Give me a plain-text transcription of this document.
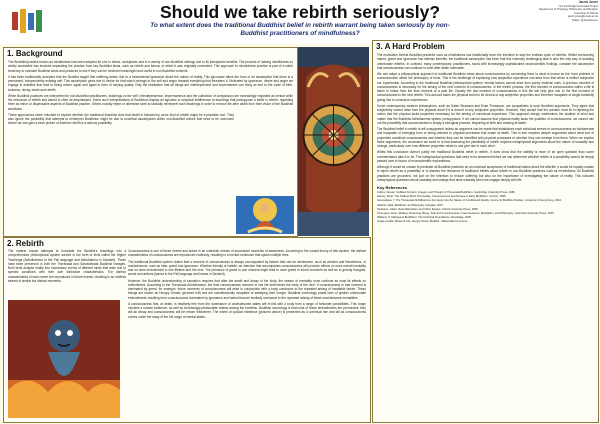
Should we take rebirth seriously?
To what extent does the traditional Buddhist belief in rebirth warrant being taken seriously by non-Buddhist practitioners of mindfulness?
Jacob Jones
Y13 Cambridge Extended Project
Department of Theology, Philosophy and Religion
University of Alberta
jacob.jones@email.ac.uk
Twitter: @JacobJones
1. Background

The Buddhist practice known as mindfulness has been adopted for use in clinics, workplaces and in a variety of non-Buddhist settings due to its therapeutic benefits. The process of making mindfulness so widely accessible has involved separating the practice from key Buddhist ideas, such as rebirth and karma, to which it was originally connected. This approach to mindfulness practice is part of a wider tendency to evaluate Buddhist ideas and practices to see if they can be rendered meaningful and useful in non-Buddhist contexts.

It has been traditionally accepted that the Buddha taught that suffering arises due to a fundamental ignorance about the nature of reality. This ignorance takes the form of an assumption that there is a permanent, independently existing self. This assumption gives rise to desire for that which belongs to the self and anger towards everything that threatens it. Motivated by ignorance, desire and anger we engage in activities that lead to being reborn again and again in lives of varying quality. Only the realisation that all things are interdependent and impermanent can bring an end to the cycle of birth, sickness, decay, death and rebirth.

When Buddhist practices are interpreted for non-Buddhist practitioners, teachings on the self, interdependence, impermanence and the cultivation of compassion are increasingly regarded as central while the relevance of rebirth and karma is often de-emphasised. Some such interpretations of Buddhism display an agnostic or sceptical indifference to teachings that presuppose a belief in rebirth, regarding them as minor or dispensable aspects of Buddhist practice. Others roundly reject or otherwise seek to radically reinterpret such teachings in order to remove life after death from their vision of the Buddhist worldview.

These approaches seem reluctant to explore whether the traditional Buddhist view that death is followed by some kind of rebirth might be a plausible one. They also ignore the possibility that attempts to reinterpret Buddhism might be due to uncritical assumptions within non-Buddhist culture that need to be overcome before we can gain a clear picture of whether rebirth is a serious possibility.

2. Rebirth

The earliest known attempts to formulate the Buddha's teachings into a comprehensive philosophical system survive in the form of texts called the Higher Teachings (Abhidhamma in the Pali language and Abhidharma in Sanskrit). These have been preserved in both the Theravada and Sarvastivada Buddhist lineages. Both texts analyse reality into momentary events of different kinds that arise due to specific conditions with their own distinctive characteristics. The distinct characteristics of each event are reproduced in future events, resulting in an endless stream of similar but distinct moments.

Consciousness is one of these events and arises in an unbroken stream of successive moments of awareness. According to the causal theory of this system, the distinct characteristics of consciousness are reproduced endlessly, resulting in a mental continuum that spans multiple lives.

The traditional Buddhist system claims that a moment of consciousness is always accompanied by factors that can be wholesome, such as wisdom and friendliness, or unwholesome, such as hate, greed and ignorance. Whether friendly or hateful, an intention that accompanies consciousness will produce effects on ones overall mentality and on ones embodiment in one lifetime and the next. The presence of greed in one moment might lead to more greed in future moments as well as to greedy thoughts, words and actions (karma in the Pali language and karma in Sanskrit).

However, the Buddhist understanding of causation requires that after the death and decay of the body, the stream of mentality must continue as must its effects on embodiment. According to the Theravada Abhidhamma, the final consciousness moment of one life determines the body of the next. If consciousness in that moment is dominated by greed, for example, future moments of consciousness will arise in conjunction with a body conducive to the repeated arising of insatiable desire. These beings are known as Hungry Ghosts (pictured left) and are constitutionally incapable of satisfying their hunger. Buddhist cosmology posits lives of greater unfortunate embodiments resulting from consciousness dominated by ignorance and hatred that are similarly conducive to the repeated arising of these unwholesome mentalities.

A consciousness that, at death, is relatively free from the dominance of unwholesome states will re-link with a body from a range of fortunate possibilities. This range includes a human existence, as well as increasingly pleasurable realms among the formless. Buddhist cosmology is that none of these embodiments are permanent; they will all decay and consciousness will be reborn elsewhere. The wheel of cyclical existence (pictured above) is presented as a continual rise and fall as consciousness comes under the sway of the full range of mental states.

3. A Hard Problem

The motivation behind Buddhist practices such as mindfulness has traditionally been the intention to stop the endless cycle of rebirths. Whilst overcoming hatred, greed and ignorance has intrinsic benefits, the traditional assumption has been that this intensely challenging task is also the only way of avoiding unfortunate rebirths. In contrast, many contemporary practitioners, faced with increasingly sophisticated neuroscientific findings, consider the assumption that consciousness can continue to exist after death untenable.

We can adopt a philosophical approach to traditional Buddhist views about consciousness by connecting them to what is known as the 'hard problem of consciousness' within the philosophy of mind. This is the challenge of explaining how subjective experience can arise from that which is neither subjective nor experiential. According to the traditional Buddhist philosophical system, mental factors cannot arise from purely material ones. A previous moment of consciousness is necessary for the arising of the next moment of consciousness. In the rebirth process, the first moment of consciousness within a life is taken to follow from the final moment of a past life. Equally the last moment of consciousness in this life will help give rise to the first moment of consciousness in the next rebirth. This account takes the physical world to be devoid of any subjective properties and therefore incapable of single-handedly giving rise to conscious experiences.

Some contemporary western philosophers, such as Galen Strawson and Evan Thompson, are sympathetic to such Buddhist arguments. They agree that subjectivity cannot arise from the physical world if it is devoid of any subjective properties. However, they accept that the solution must lie in rejecting the notion that the physical lacks properties necessary for the arising of conscious experience. This approach deeply undermines the dualism of mind and matter that the Buddhist Abhidhamma system presupposes. If we cannot assume that physical reality lacks the qualities of consciousness, we cannot rule out the possibility that consciousness is simply a biological process, beginning at birth and ceasing at death.

The Buddhist belief in rebirth is left unsupported unless an argument can be made that establishes each individual stream of consciousness as fundamental and incapable of emerging from or being reduced to physical processes that cease at death. This in turn requires deeper arguments about what sort of properties constitute consciousness and whether they can be identified with physical processes or whether they can emerge from them. When we explore these arguments, the conclusion we come to is that assessing the plausibility of rebirth requires metaphysical arguments about the nature of causality and change, particularly over how different properties relate to and give rise to each other.

Whilst this conclusion doesn't justify the traditional Buddhist belief in rebirth, it does show that the viability is more of an open question than some commentators take it to be. The metaphysical questions that need to be answered before we can determine whether rebirth is a possibility cannot be simply passed over in favour of neuroscientific explanations.

Although it would be unwise to predicate all Buddhist practices on an uncritical acceptance of traditional claims about the afterlife, it would be equally unwise to reject rebirth as a possibility or to dismiss the relevance of traditional beliefs about rebirth to non-Buddhist practices such as mindfulness. All Buddhist practices are grounded, not just on the intention to reduce suffering but also on the importance of investigating the nature of reality. This includes metaphysical questions about causality and change that arise naturally when we engage deeply with life.

Key References
Collins, Steven. Selfless Persons: Imagery and Thought in Theravada Buddhism. Cambridge University Press, 1982.
Harvey, Peter. The Selfless Mind: Personality, Consciousness and Nirvana in Early Buddhism. Curzon, 1995.
Karunadasa, Y. The Theravada Abhidhamma: Its Inquiry into the Nature of Conditioned Reality. Centre for Buddhist Studies, University of Hong Kong, 2010.
Siderits, Mark. Buddhism as Philosophy. Ashgate, 2007.
Strawson, Galen. Real Materialism and Other Essays. Oxford University Press, 2008.
Thompson, Evan. Waking, Dreaming, Being: Self and Consciousness in Neuroscience, Meditation, and Philosophy. Columbia University Press, 2015.
Williams, P. Mahayana Buddhism: The Doctrinal Foundations. Routledge, 2009.
Image credits: Wheel of Life, Hungry Ghost, Buddha - Wikimedia Commons.
